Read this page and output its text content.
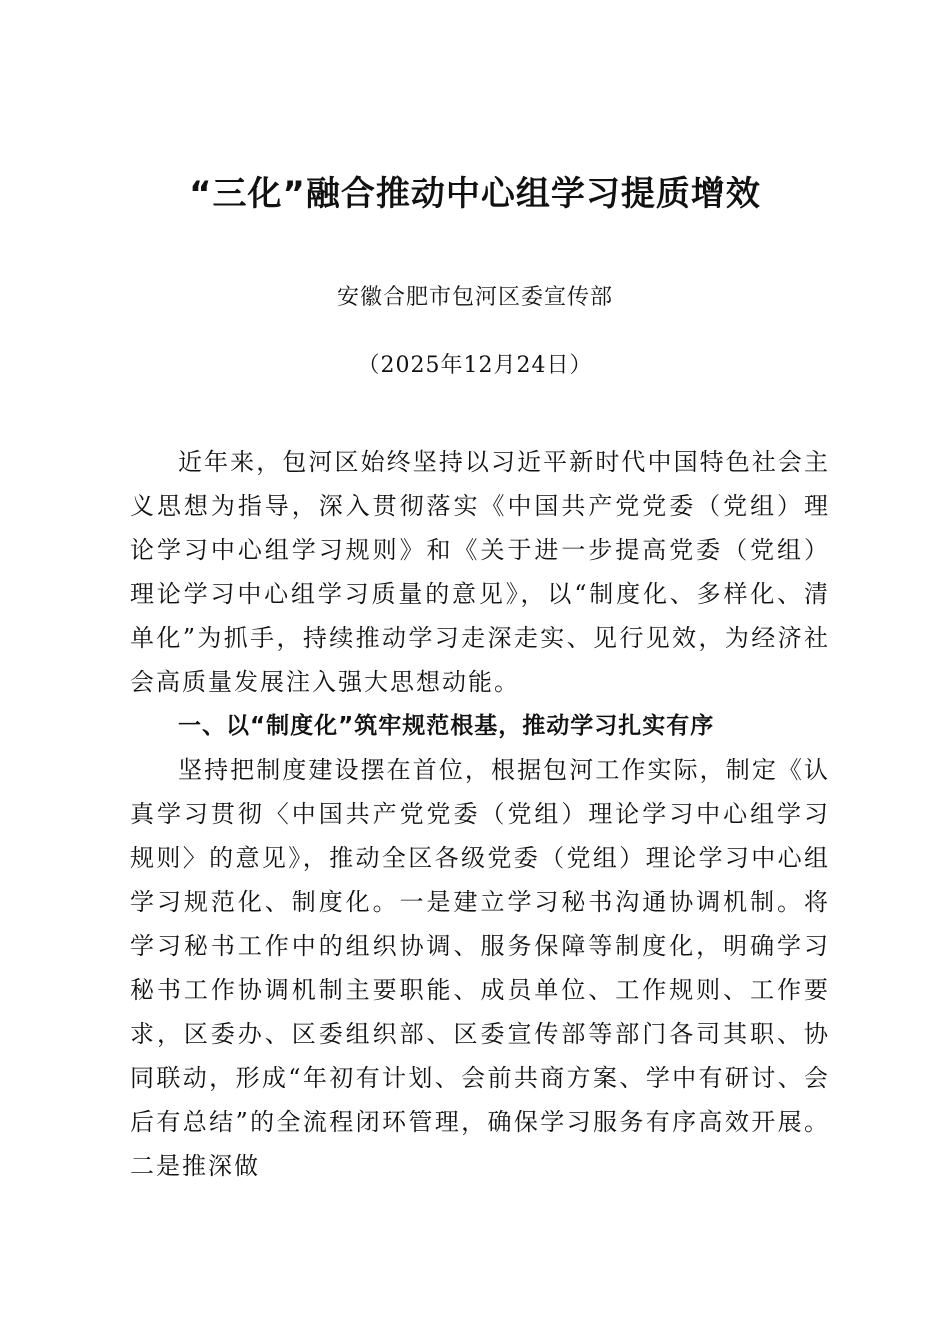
“三化”融合推动中心组学习提质增效
安徽合肥市包河区委宣传部
（2025年12月24日）

近年来，包河区始终坚持以习近平新时代中国特色社会主义思想为指导，深入贯彻落实《中国共产党党委（党组）理论学习中心组学习规则》和《关于进一步提高党委（党组）理论学习中心组学习质量的意见》，以“制度化、多样化、清单化”为抓手，持续推动学习走深走实、见行见效，为经济社会高质量发展注入强大思想动能。

一、以“制度化”筑牢规范根基，推动学习扎实有序

坚持把制度建设摆在首位，根据包河工作实际，制定《认真学习贯彻〈中国共产党党委（党组）理论学习中心组学习规则〉的意见》，推动全区各级党委（党组）理论学习中心组学习规范化、制度化。一是建立学习秘书沟通协调机制。将学习秘书工作中的组织协调、服务保障等制度化，明确学习秘书工作协调机制主要职能、成员单位、工作规则、工作要求，区委办、区委组织部、区委宣传部等部门各司其职、协同联动，形成“年初有计划、会前共商方案、学中有研讨、会后有总结”的全流程闭环管理，确保学习服务有序高效开展。二是推深做
